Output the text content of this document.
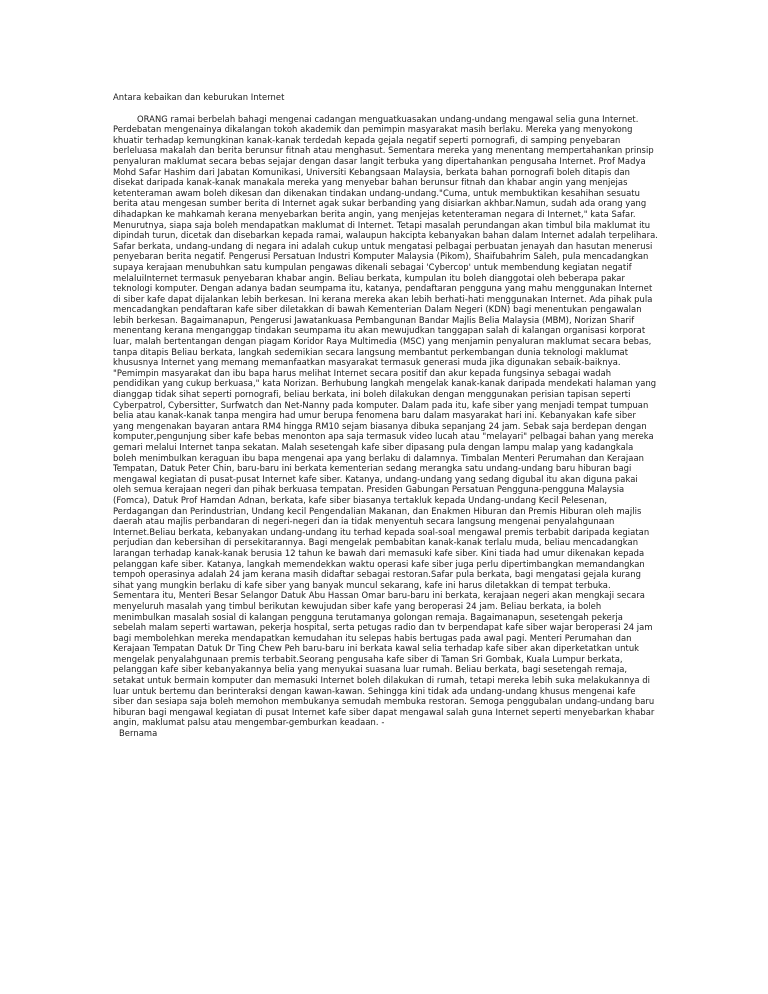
Antara kebaikan dan keburukan Internet

ORANG ramai berbelah bahagi mengenai cadangan menguatkuasakan undang-undang mengawal selia guna Internet. Perdebatan mengenainya dikalangan tokoh akademik dan pemimpin masyarakat masih berlaku. Mereka yang menyokong khuatir terhadap kemungkinan kanak-kanak terdedah kepada gejala negatif seperti pornografi, di samping penyebaran berleluasa makalah dan berita berunsur fitnah atau menghasut. Sementara mereka yang menentang mempertahankan prinsip penyaluran maklumat secara bebas sejajar dengan dasar langit terbuka yang dipertahankan pengusaha Internet. Prof Madya Mohd Safar Hashim dari Jabatan Komunikasi, Universiti Kebangsaan Malaysia, berkata bahan pornografi boleh ditapis dan disekat daripada kanak-kanak manakala mereka yang menyebar bahan berunsur fitnah dan khabar angin yang menjejas ketenteraman awam boleh dikesan dan dikenakan tindakan undang-undang."Cuma, untuk membuktikan kesahihan sesuatu berita atau mengesan sumber berita di Internet agak sukar berbanding yang disiarkan akhbar.Namun, sudah ada orang yang dihadapkan ke mahkamah kerana menyebarkan berita angin, yang menjejas ketenteraman negara di Internet," kata Safar.

Menurutnya, siapa saja boleh mendapatkan maklumat di Internet. Tetapi masalah perundangan akan timbul bila maklumat itu dipindah turun, dicetak dan disebarkan kepada ramai, walaupun hakcipta kebanyakan bahan dalam Internet adalah terpelihara. Safar berkata, undang-undang di negara ini adalah cukup untuk mengatasi pelbagai perbuatan jenayah dan hasutan menerusi penyebaran berita negatif. Pengerusi Persatuan Industri Komputer Malaysia (Pikom), Shaifubahrim Saleh, pula mencadangkan supaya kerajaan menubuhkan satu kumpulan pengawas dikenali sebagai 'Cybercop' untuk membendung kegiatan negatif melaluiInternet termasuk penyebaran khabar angin. Beliau berkata, kumpulan itu boleh dianggotai oleh beberapa pakar teknologi komputer. Dengan adanya badan seumpama itu, katanya, pendaftaran pengguna yang mahu menggunakan Internet di siber kafe dapat dijalankan lebih berkesan. Ini kerana mereka akan lebih berhati-hati menggunakan Internet. Ada pihak pula mencadangkan pendaftaran kafe siber diletakkan di bawah Kementerian Dalam Negeri (KDN) bagi menentukan pengawalan lebih berkesan. Bagaimanapun, Pengerusi Jawatankuasa Pembangunan Bandar Majlis Belia Malaysia (MBM), Norizan Sharif menentang kerana menganggap tindakan seumpama itu akan mewujudkan tanggapan salah di kalangan organisasi korporat luar, malah bertentangan dengan piagam Koridor Raya Multimedia (MSC) yang menjamin penyaluran maklumat secara bebas, tanpa ditapis Beliau berkata, langkah sedemikian secara langsung membantut perkembangan dunia teknologi maklumat khususnya Internet yang memang memanfaatkan masyarakat termasuk generasi muda jika digunakan sebaik-baiknya. "Pemimpin masyarakat dan ibu bapa harus melihat Internet secara positif dan akur kepada fungsinya sebagai wadah pendidikan yang cukup berkuasa," kata Norizan. Berhubung langkah mengelak kanak-kanak daripada mendekati halaman yang dianggap tidak sihat seperti pornografi, beliau berkata, ini boleh dilakukan dengan menggunakan perisian tapisan seperti Cyberpatrol, Cybersitter, Surfwatch dan Net-Nanny pada komputer. Dalam pada itu, kafe siber yang menjadi tempat tumpuan belia atau kanak-kanak tanpa mengira had umur berupa fenomena baru dalam masyarakat hari ini. Kebanyakan kafe siber yang mengenakan bayaran antara RM4 hingga RM10 sejam biasanya dibuka sepanjang 24 jam. Sebak saja berdepan dengan komputer,pengunjung siber kafe bebas menonton apa saja termasuk video lucah atau "melayari" pelbagai bahan yang mereka gemari melalui Internet tanpa sekatan. Malah sesetengah kafe siber dipasang pula dengan lampu malap yang kadangkala boleh menimbulkan keraguan ibu bapa mengenai apa yang berlaku di dalamnya. Timbalan Menteri Perumahan dan Kerajaan Tempatan, Datuk Peter Chin, baru-baru ini berkata kementerian sedang merangka satu undang-undang baru hiburan bagi mengawal kegiatan di pusat-pusat Internet kafe siber. Katanya, undang-undang yang sedang digubal itu akan diguna pakai oleh semua kerajaan negeri dan pihak berkuasa tempatan. Presiden Gabungan Persatuan Pengguna-pengguna Malaysia (Fomca), Datuk Prof Hamdan Adnan, berkata, kafe siber biasanya tertakluk kepada Undang-undang Kecil Pelesenan, Perdagangan dan Perindustrian, Undang kecil Pengendalian Makanan, dan Enakmen Hiburan dan Premis Hiburan oleh majlis daerah atau majlis perbandaran di negeri-negeri dan ia tidak menyentuh secara langsung mengenai penyalahgunaan Internet.Beliau berkata, kebanyakan undang-undang itu terhad kepada soal-soal mengawal premis terbabit daripada kegiatan perjudian dan kebersihan di persekitarannya. Bagi mengelak pembabitan kanak-kanak terlalu muda, beliau mencadangkan larangan terhadap kanak-kanak berusia 12 tahun ke bawah dari memasuki kafe siber. Kini tiada had umur dikenakan kepada pelanggan kafe siber. Katanya, langkah memendekkan waktu operasi kafe siber juga perlu dipertimbangkan memandangkan tempoh operasinya adalah 24 jam kerana masih didaftar sebagai restoran.Safar pula berkata, bagi mengatasi gejala kurang sihat yang mungkin berlaku di kafe siber yang banyak muncul sekarang, kafe ini harus diletakkan di tempat terbuka. Sementara itu, Menteri Besar Selangor Datuk Abu Hassan Omar baru-baru ini berkata, kerajaan negeri akan mengkaji secara menyeluruh masalah yang timbul berikutan kewujudan siber kafe yang beroperasi 24 jam. Beliau berkata, ia boleh menimbulkan masalah sosial di kalangan pengguna terutamanya golongan remaja. Bagaimanapun, sesetengah pekerja sebelah malam seperti wartawan, pekerja hospital, serta petugas radio dan tv berpendapat kafe siber wajar beroperasi 24 jam bagi membolehkan mereka mendapatkan kemudahan itu selepas habis bertugas pada awal pagi. Menteri Perumahan dan Kerajaan Tempatan Datuk Dr Ting Chew Peh baru-baru ini berkata kawal selia terhadap kafe siber akan diperketatkan untuk mengelak penyalahgunaan premis terbabit.Seorang pengusaha kafe siber di Taman Sri Gombak, Kuala Lumpur berkata, pelanggan kafe siber kebanyakannya belia yang menyukai suasana luar rumah. Beliau berkata, bagi sesetengah remaja, setakat untuk bermain komputer dan memasuki Internet boleh dilakukan di rumah, tetapi mereka lebih suka melakukannya di luar untuk bertemu dan berinteraksi dengan kawan-kawan. Sehingga kini tidak ada undang-undang khusus mengenai kafe siber dan sesiapa saja boleh memohon membukanya semudah membuka restoran. Semoga penggubalan undang-undang baru hiburan bagi mengawal kegiatan di pusat Internet kafe siber dapat mengawal salah guna Internet seperti menyebarkan khabar angin, maklumat palsu atau mengembar-gemburkan keadaan. -

Bernama
